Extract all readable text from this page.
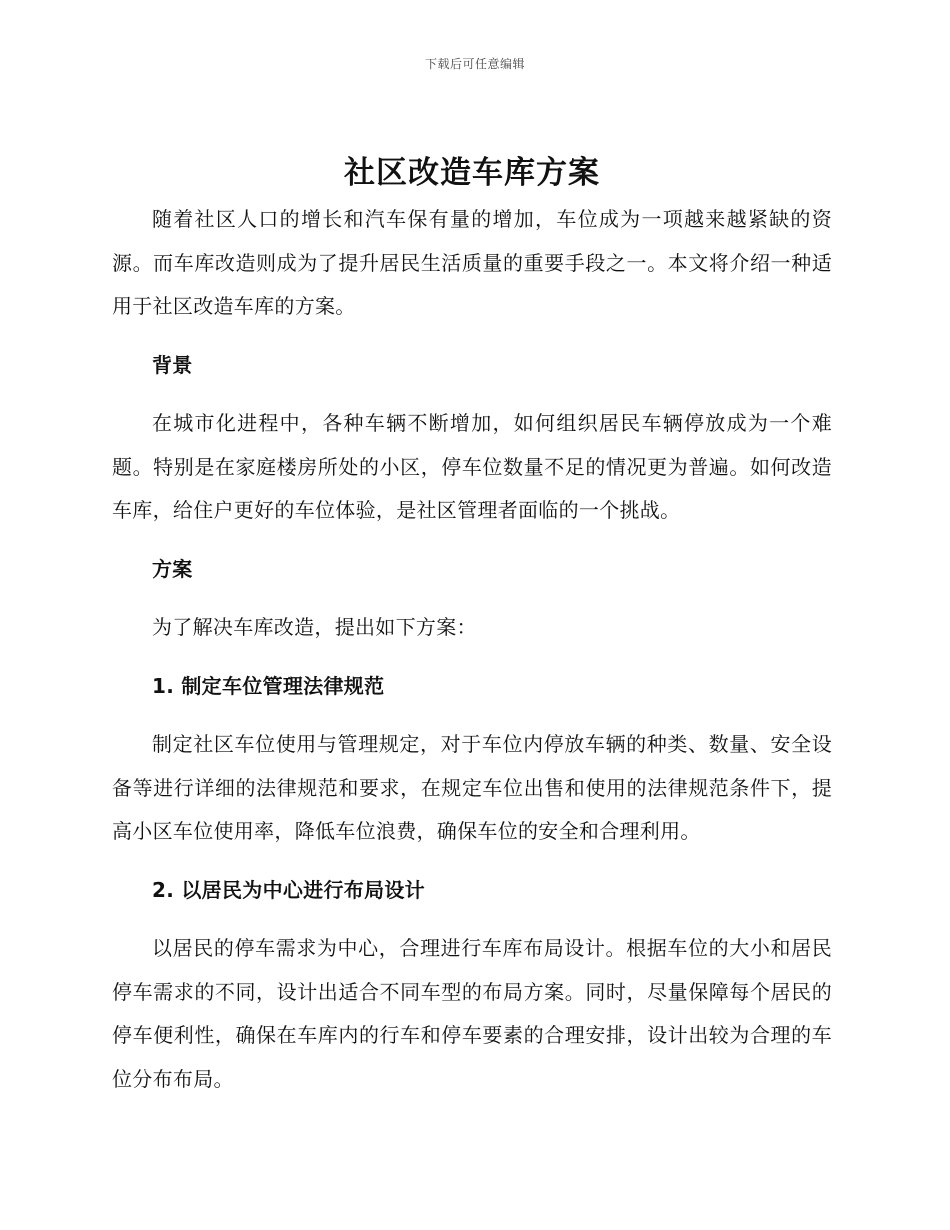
下载后可任意编辑
社区改造车库方案

随着社区人口的增长和汽车保有量的增加，车位成为一项越来越紧缺的资源。而车库改造则成为了提升居民生活质量的重要手段之一。本文将介绍一种适用于社区改造车库的方案。

背景

在城市化进程中，各种车辆不断增加，如何组织居民车辆停放成为一个难题。特别是在家庭楼房所处的小区，停车位数量不足的情况更为普遍。如何改造车库，给住户更好的车位体验，是社区管理者面临的一个挑战。

方案

为了解决车库改造，提出如下方案：

1. 制定车位管理法律规范

制定社区车位使用与管理规定，对于车位内停放车辆的种类、数量、安全设备等进行详细的法律规范和要求，在规定车位出售和使用的法律规范条件下，提高小区车位使用率，降低车位浪费，确保车位的安全和合理利用。

2. 以居民为中心进行布局设计

以居民的停车需求为中心，合理进行车库布局设计。根据车位的大小和居民停车需求的不同，设计出适合不同车型的布局方案。同时，尽量保障每个居民的停车便利性，确保在车库内的行车和停车要素的合理安排，设计出较为合理的车位分布布局。
